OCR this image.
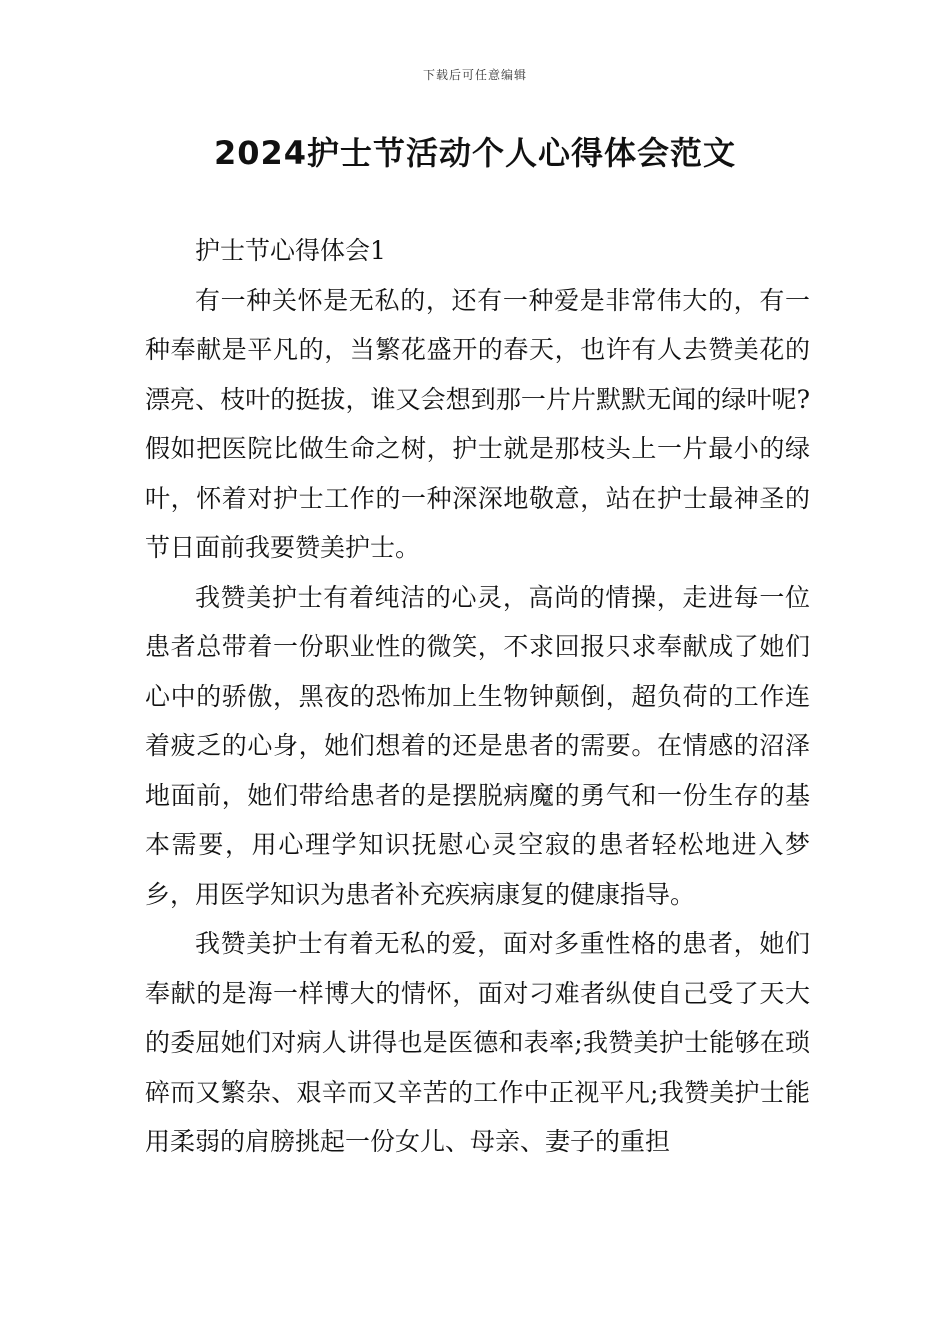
下载后可任意编辑
2024护士节活动个人心得体会范文

护士节心得体会1

有一种关怀是无私的，还有一种爱是非常伟大的，有一种奉献是平凡的，当繁花盛开的春天，也许有人去赞美花的漂亮、枝叶的挺拔，谁又会想到那一片片默默无闻的绿叶呢?假如把医院比做生命之树，护士就是那枝头上一片最小的绿叶，怀着对护士工作的一种深深地敬意，站在护士最神圣的节日面前我要赞美护士。

我赞美护士有着纯洁的心灵，高尚的情操，走进每一位患者总带着一份职业性的微笑，不求回报只求奉献成了她们心中的骄傲，黑夜的恐怖加上生物钟颠倒，超负荷的工作连着疲乏的心身，她们想着的还是患者的需要。在情感的沼泽地面前，她们带给患者的是摆脱病魔的勇气和一份生存的基本需要，用心理学知识抚慰心灵空寂的患者轻松地进入梦乡，用医学知识为患者补充疾病康复的健康指导。

我赞美护士有着无私的爱，面对多重性格的患者，她们奉献的是海一样博大的情怀，面对刁难者纵使自己受了天大的委屈她们对病人讲得也是医德和表率;我赞美护士能够在琐碎而又繁杂、艰辛而又辛苦的工作中正视平凡;我赞美护士能用柔弱的肩膀挑起一份女儿、母亲、妻子的重担
